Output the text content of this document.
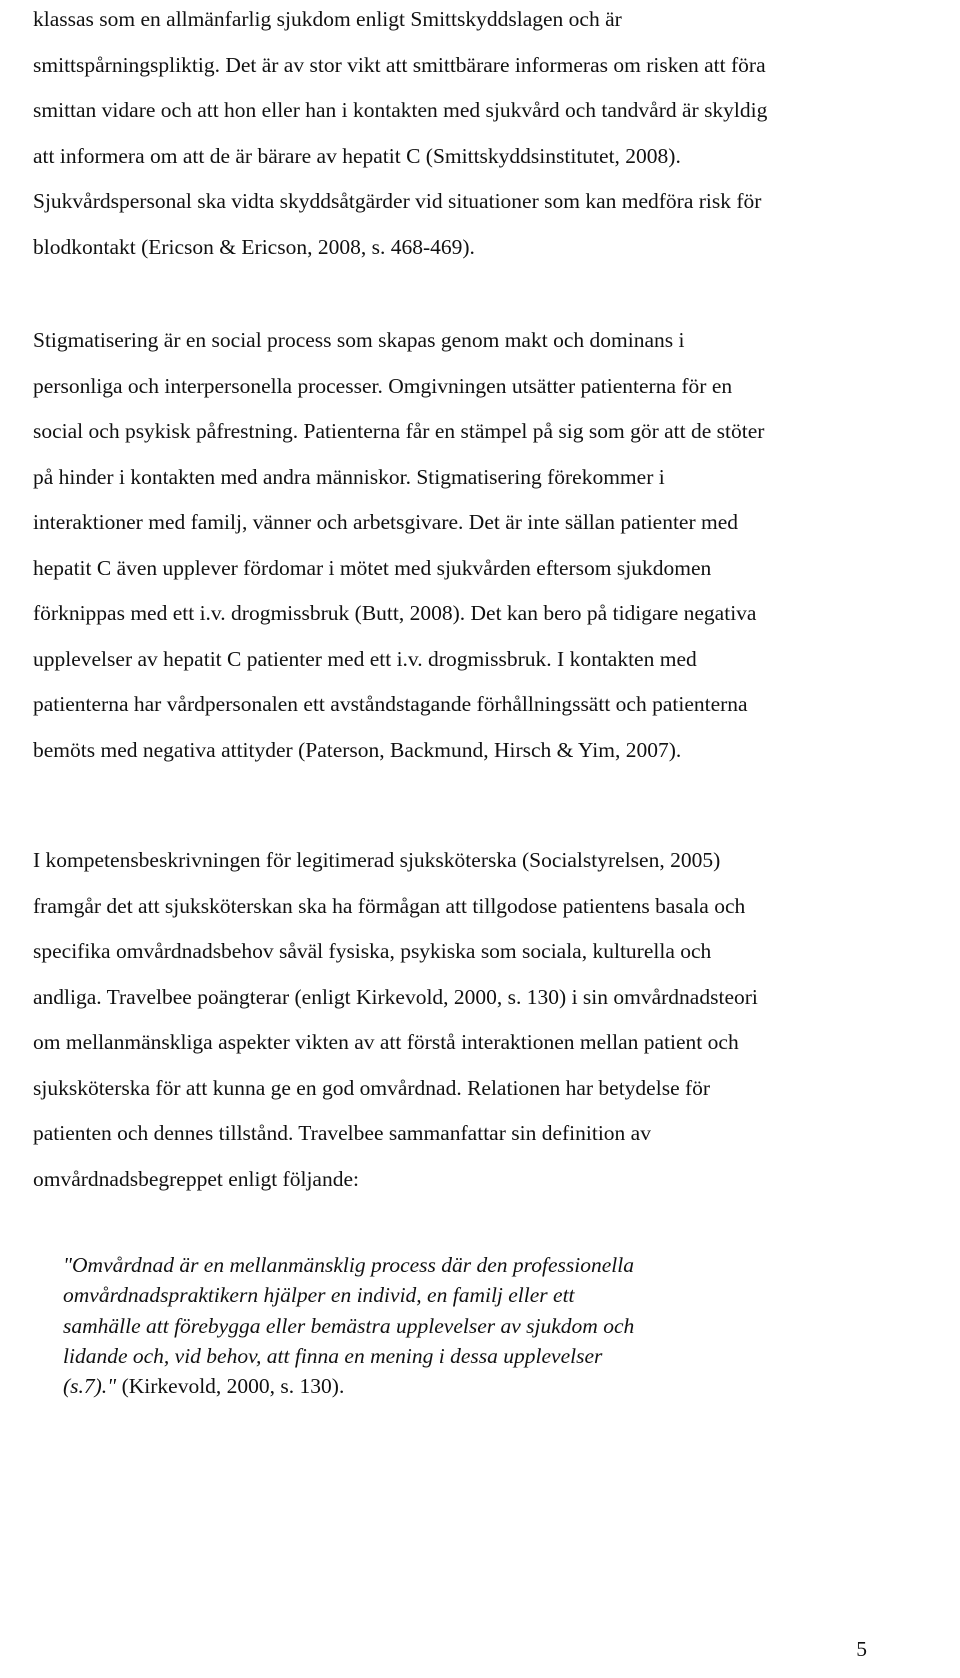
klassas som en allmänfarlig sjukdom enligt Smittskyddslagen och är
smittspårningspliktig. Det är av stor vikt att smittbärare informeras om risken att föra
smittan vidare och att hon eller han i kontakten med sjukvård och tandvård är skyldig
att informera om att de är bärare av hepatit C (Smittskyddsinstitutet, 2008).
Sjukvårdspersonal ska vidta skyddsåtgärder vid situationer som kan medföra risk för
blodkontakt (Ericson & Ericson, 2008, s. 468-469).
Stigmatisering är en social process som skapas genom makt och dominans i
personliga och interpersonella processer. Omgivningen utsätter patienterna för en
social och psykisk påfrestning. Patienterna får en stämpel på sig som gör att de stöter
på hinder i kontakten med andra människor. Stigmatisering förekommer i
interaktioner med familj, vänner och arbetsgivare. Det är inte sällan patienter med
hepatit C även upplever fördomar i mötet med sjukvården eftersom sjukdomen
förknippas med ett i.v. drogmissbruk (Butt, 2008). Det kan bero på tidigare negativa
upplevelser av hepatit C patienter med ett i.v. drogmissbruk. I kontakten med
patienterna har vårdpersonalen ett avståndstagande förhållningssätt och patienterna
bemöts med negativa attityder (Paterson, Backmund, Hirsch & Yim, 2007).
I kompetensbeskrivningen för legitimerad sjuksköterska (Socialstyrelsen, 2005)
framgår det att sjuksköterskan ska ha förmågan att tillgodose patientens basala och
specifika omvårdnadsbehov såväl fysiska, psykiska som sociala, kulturella och
andliga. Travelbee poängterar (enligt Kirkevold, 2000, s. 130) i sin omvårdnadsteori
om mellanmänskliga aspekter vikten av att förstå interaktionen mellan patient och
sjuksköterska för att kunna ge en god omvårdnad. Relationen har betydelse för
patienten och dennes tillstånd. Travelbee sammanfattar sin definition av
omvårdnadsbegreppet enligt följande:
"Omvårdnad är en mellanmänsklig process där den professionella
omvårdnadspraktikern hjälper en individ, en familj eller ett
samhälle att förebygga eller bemästra upplevelser av sjukdom och
lidande och, vid behov, att finna en mening i dessa upplevelser
(s.7)." (Kirkevold, 2000, s. 130).
5
